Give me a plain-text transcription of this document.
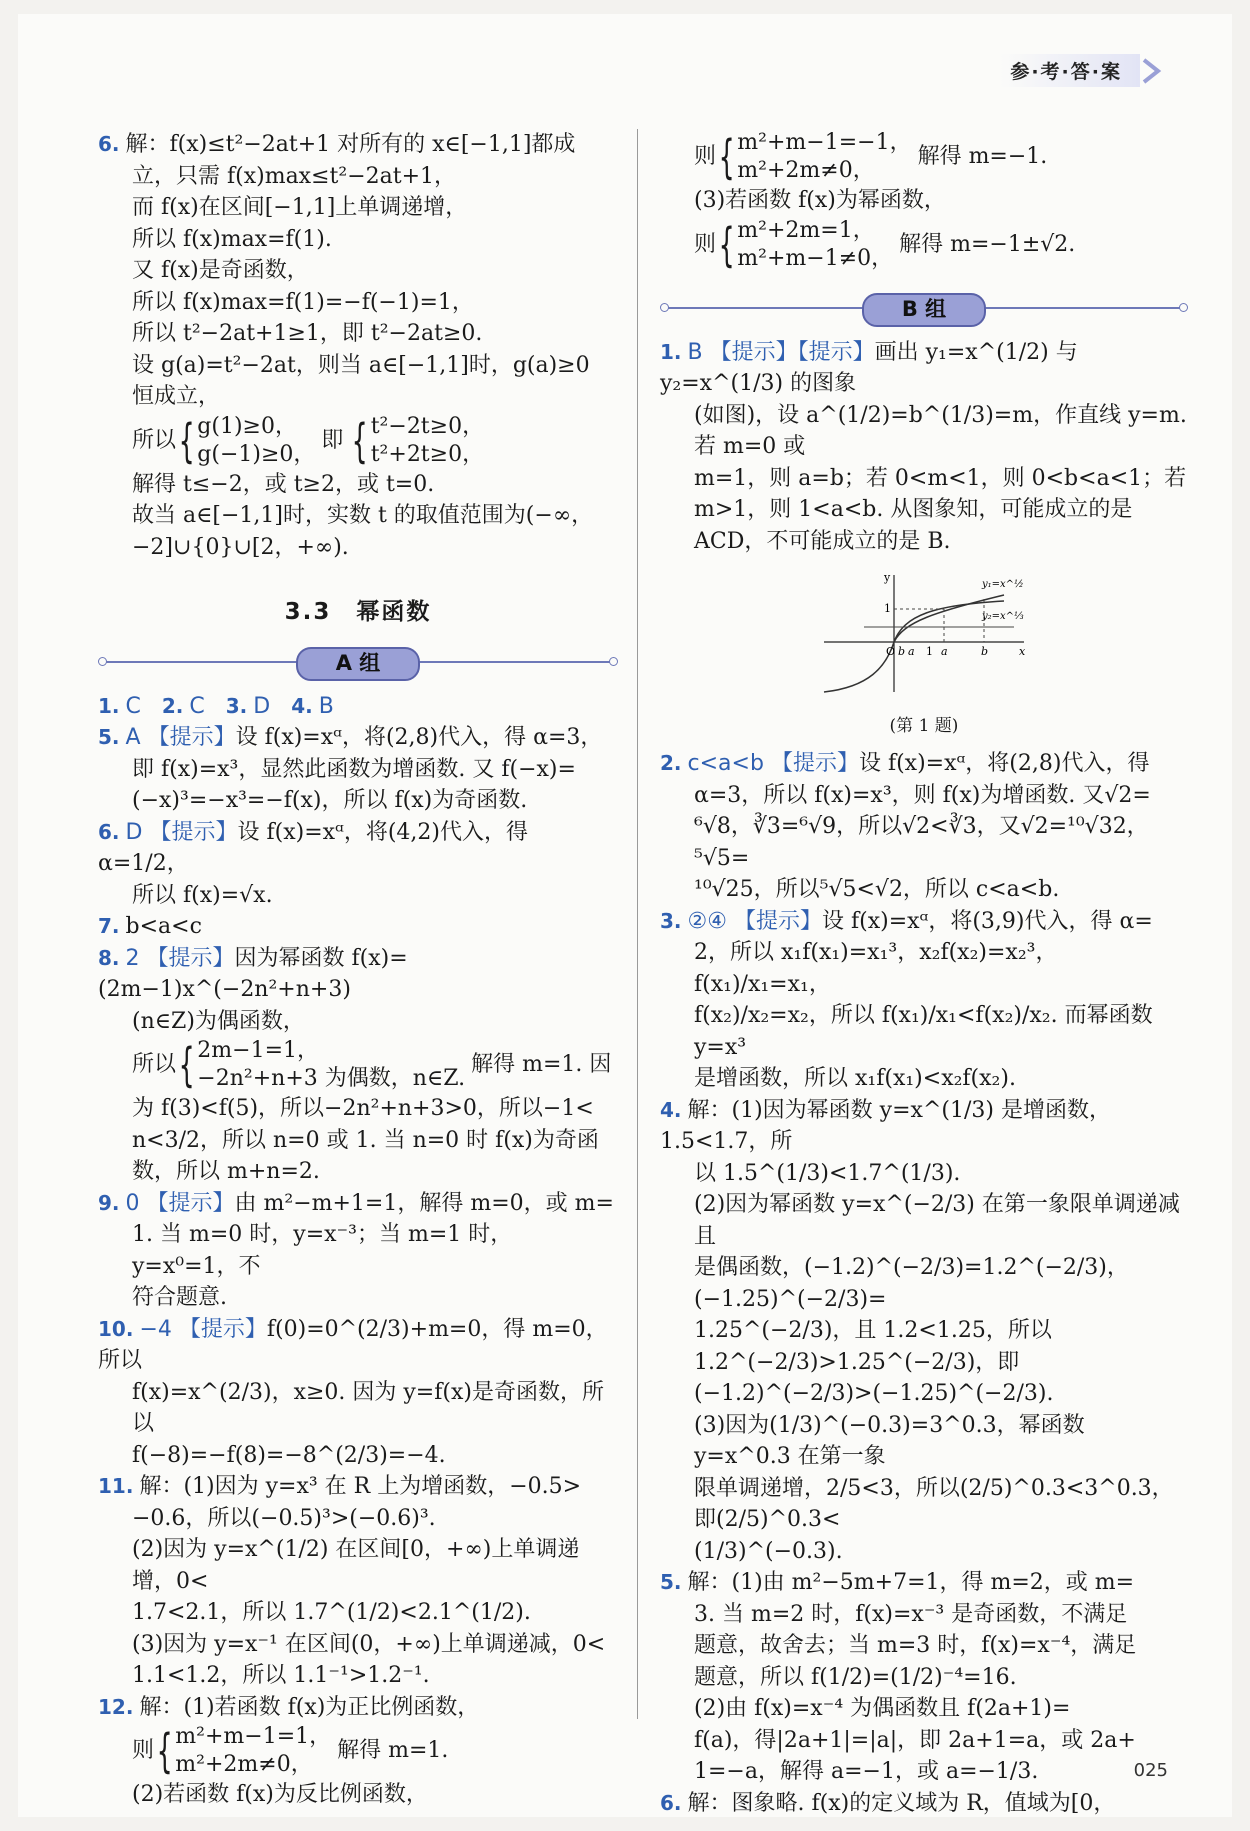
参·考·答·案
6. 解：f(x)≤t²−2at+1 对所有的 x∈[−1,1]都成
立，只需 f(x)max≤t²−2at+1，
而 f(x)在区间[−1,1]上单调递增，
所以 f(x)max=f(1).
又 f(x)是奇函数，
所以 f(x)max=f(1)=−f(−1)=1，
所以 t²−2at+1≥1，即 t²−2at≥0.
设 g(a)=t²−2at，则当 a∈[−1,1]时，g(a)≥0
恒成立，
所以 { g(1)≥0，
g(−1)≥0，
即 { t²−2t≥0，
t²+2t≥0，
解得 t≤−2，或 t≥2，或 t=0.
故当 a∈[−1,1]时，实数 t 的取值范围为(−∞，
−2]∪{0}∪[2，+∞).
3.3　幂函数
A 组
1. C 2. C 3. D 4. B
5. A 【提示】设 f(x)=xᵅ，将(2,8)代入，得 α=3，
即 f(x)=x³，显然此函数为增函数. 又 f(−x)=
(−x)³=−x³=−f(x)，所以 f(x)为奇函数.
6. D 【提示】设 f(x)=xᵅ，将(4,2)代入，得 α=1/2，
所以 f(x)=√x.
7. b<a<c
8. 2 【提示】因为幂函数 f(x)=(2m−1)x^(−2n²+n+3)
(n∈Z)为偶函数，
所以 { 2m−1=1，
−2n²+n+3 为偶数，n∈Z.
解得 m=1. 因
为 f(3)<f(5)，所以−2n²+n+3>0，所以−1<
n<3/2，所以 n=0 或 1. 当 n=0 时 f(x)为奇函
数，所以 m+n=2.
9. 0 【提示】由 m²−m+1=1，解得 m=0，或 m=
1. 当 m=0 时，y=x⁻³；当 m=1 时，y=x⁰=1，不
符合题意.
10. −4 【提示】f(0)=0^(2/3)+m=0，得 m=0，所以
f(x)=x^(2/3)，x≥0. 因为 y=f(x)是奇函数，所以
f(−8)=−f(8)=−8^(2/3)=−4.
11. 解：(1)因为 y=x³ 在 R 上为增函数，−0.5>
−0.6，所以(−0.5)³>(−0.6)³.
(2)因为 y=x^(1/2) 在区间[0，+∞)上单调递增，0<
1.7<2.1，所以 1.7^(1/2)<2.1^(1/2).
(3)因为 y=x⁻¹ 在区间(0，+∞)上单调递减，0<
1.1<1.2，所以 1.1⁻¹>1.2⁻¹.
12. 解：(1)若函数 f(x)为正比例函数，
则 { m²+m−1=1，
m²+2m≠0，
解得 m=1.
(2)若函数 f(x)为反比例函数，
则 { m²+m−1=−1，
m²+2m≠0，
解得 m=−1.
(3)若函数 f(x)为幂函数，
则 { m²+2m=1，
m²+m−1≠0，
解得 m=−1±√2.
B 组
1. B 【提示】【提示】画出 y₁=x^(1/2) 与 y₂=x^(1/3) 的图象
(如图)，设 a^(1/2)=b^(1/3)=m，作直线 y=m. 若 m=0 或
m=1，则 a=b；若 0<m<1，则 0<b<a<1；若
m>1，则 1<a<b. 从图象知，可能成立的是
ACD，不可能成立的是 B.
y
1
O b a 1 a	b	x
y₁=x^½
y₂=x^⅓
(第 1 题)
2. c<a<b 【提示】设 f(x)=xᵅ，将(2,8)代入，得
α=3，所以 f(x)=x³，则 f(x)为增函数. 又√2=
⁶√8，∛3=⁶√9，所以√2<∛3，又√2=¹⁰√32，⁵√5=
¹⁰√25，所以⁵√5<√2，所以 c<a<b.
3. ②④ 【提示】设 f(x)=xᵅ，将(3,9)代入，得 α=
2，所以 x₁f(x₁)=x₁³，x₂f(x₂)=x₂³，f(x₁)/x₁=x₁，
f(x₂)/x₂=x₂，所以 f(x₁)/x₁<f(x₂)/x₂. 而幂函数 y=x³
是增函数，所以 x₁f(x₁)<x₂f(x₂).
4. 解：(1)因为幂函数 y=x^(1/3) 是增函数，1.5<1.7，所
以 1.5^(1/3)<1.7^(1/3).
(2)因为幂函数 y=x^(−2/3) 在第一象限单调递减且
是偶函数，(−1.2)^(−2/3)=1.2^(−2/3)，(−1.25)^(−2/3)=
1.25^(−2/3)，且 1.2<1.25，所以 1.2^(−2/3)>1.25^(−2/3)，即
(−1.2)^(−2/3)>(−1.25)^(−2/3).
(3)因为(1/3)^(−0.3)=3^0.3，幂函数 y=x^0.3 在第一象
限单调递增，2/5<3，所以(2/5)^0.3<3^0.3，即(2/5)^0.3<
(1/3)^(−0.3).
5. 解：(1)由 m²−5m+7=1，得 m=2，或 m=
3. 当 m=2 时，f(x)=x⁻³ 是奇函数，不满足
题意，故舍去；当 m=3 时，f(x)=x⁻⁴，满足
题意，所以 f(1/2)=(1/2)⁻⁴=16.
(2)由 f(x)=x⁻⁴ 为偶函数且 f(2a+1)=
f(a)，得|2a+1|=|a|，即 2a+1=a，或 2a+
1=−a，解得 a=−1，或 a=−1/3.
6. 解：图象略. f(x)的定义域为 R，值域为[0，
025
